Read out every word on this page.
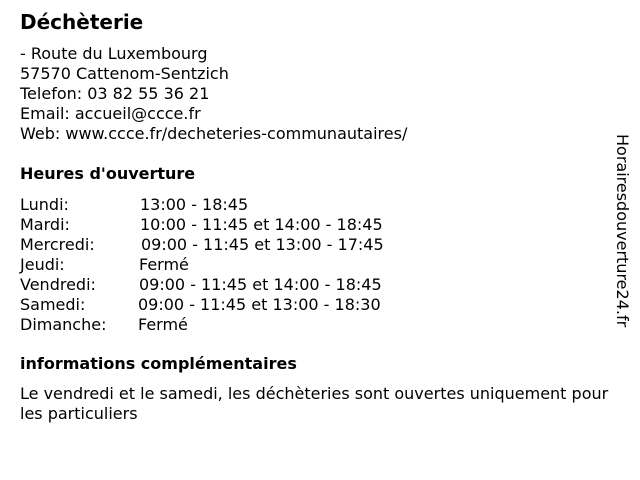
Déchèterie
- Route du Luxembourg
57570 Cattenom-Sentzich
Telefon: 03 82 55 36 21
Email: accueil@ccce.fr
Web: www.ccce.fr/decheteries-communautaires/
Heures d'ouverture
Lundi:	13:00 - 18:45
Mardi:	10:00 - 11:45 et 14:00 - 18:45
Mercredi:	09:00 - 11:45 et 13:00 - 17:45
Jeudi:	Fermé
Vendredi:	09:00 - 11:45 et 14:00 - 18:45
Samedi:	09:00 - 11:45 et 13:00 - 18:30
Dimanche: Fermé
informations complémentaires
Le vendredi et le samedi, les déchèteries sont ouvertes uniquement pour les particuliers
Horairesdouverture24.fr
